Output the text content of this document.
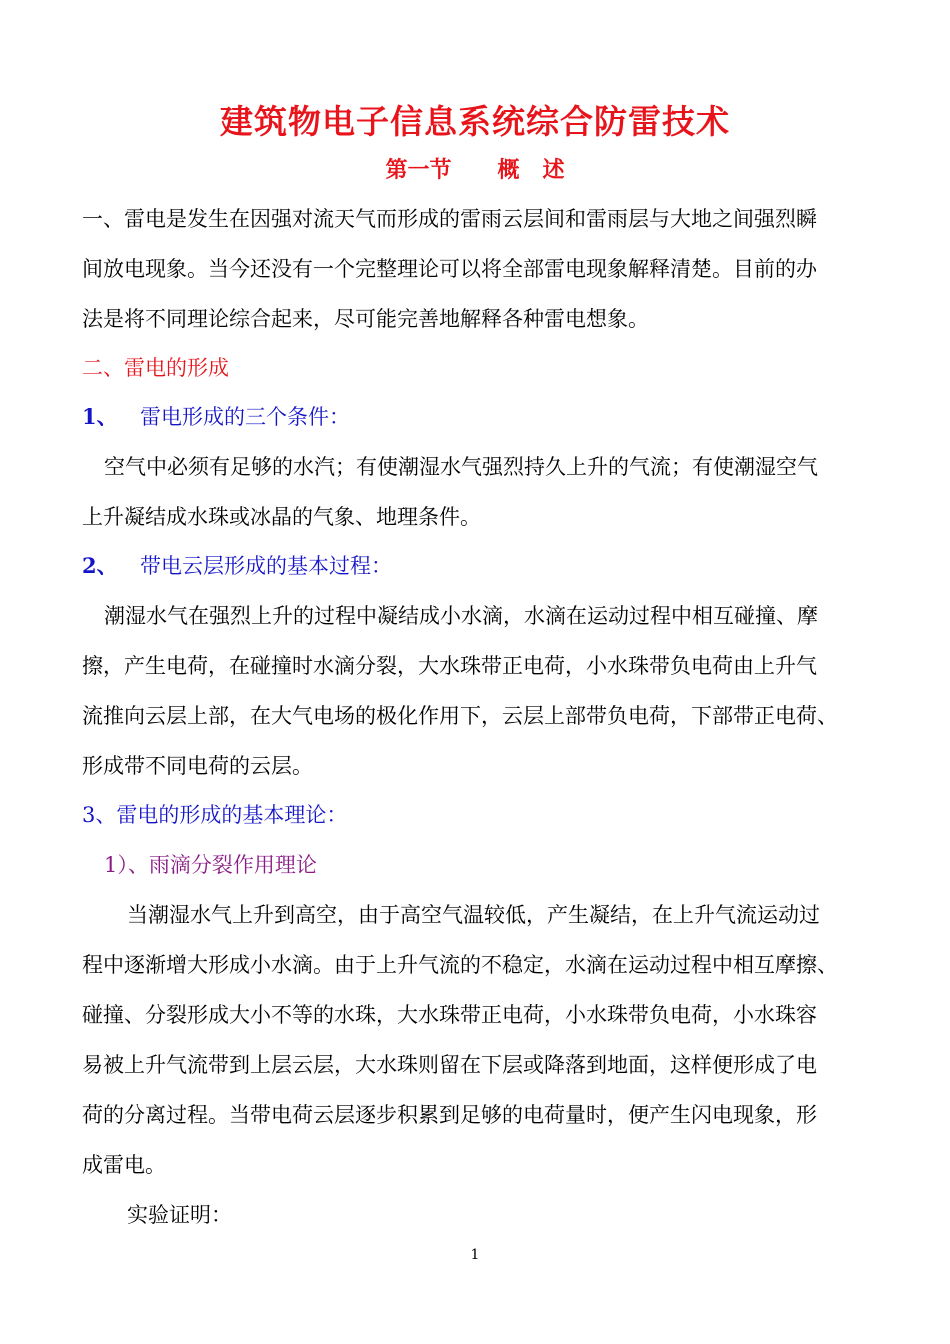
建筑物电子信息系统综合防雷技术
第一节      概   述
一、雷电是发生在因强对流天气而形成的雷雨云层间和雷雨层与大地之间强烈瞬
间放电现象。当今还没有一个完整理论可以将全部雷电现象解释清楚。目前的办
法是将不同理论综合起来，尽可能完善地解释各种雷电想象。
二、雷电的形成
1、 雷电形成的三个条件：
空气中必须有足够的水汽；有使潮湿水气强烈持久上升的气流；有使潮湿空气
上升凝结成水珠或冰晶的气象、地理条件。
2、 带电云层形成的基本过程：
潮湿水气在强烈上升的过程中凝结成小水滴，水滴在运动过程中相互碰撞、摩
擦，产生电荷，在碰撞时水滴分裂，大水珠带正电荷，小水珠带负电荷由上升气
流推向云层上部，在大气电场的极化作用下，云层上部带负电荷，下部带正电荷、
形成带不同电荷的云层。
3、雷电的形成的基本理论：
1）、雨滴分裂作用理论
当潮湿水气上升到高空，由于高空气温较低，产生凝结，在上升气流运动过
程中逐渐增大形成小水滴。由于上升气流的不稳定，水滴在运动过程中相互摩擦、
碰撞、分裂形成大小不等的水珠，大水珠带正电荷，小水珠带负电荷，小水珠容
易被上升气流带到上层云层，大水珠则留在下层或降落到地面，这样便形成了电
荷的分离过程。当带电荷云层逐步积累到足够的电荷量时，便产生闪电现象，形
成雷电。
实验证明：
1
